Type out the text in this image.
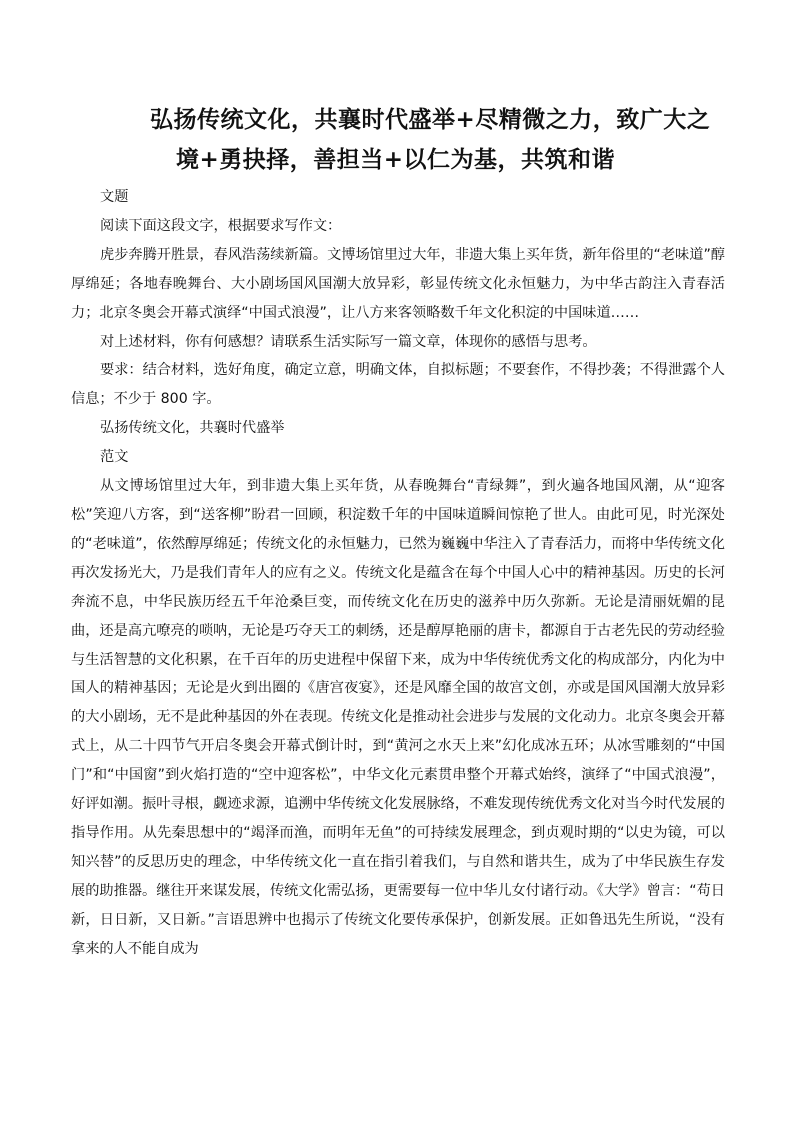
弘扬传统文化，共襄时代盛举+尽精微之力，致广大之
境+勇抉择，善担当+以仁为基，共筑和谐

文题

阅读下面这段文字，根据要求写作文：

虎步奔腾开胜景，春风浩荡续新篇。文博场馆里过大年，非遗大集上买年货，新年俗里的“老味道”醇厚绵延；各地春晚舞台、大小剧场国风国潮大放异彩，彰显传统文化永恒魅力，为中华古韵注入青春活力；北京冬奥会开幕式演绎“中国式浪漫”，让八方来客领略数千年文化积淀的中国味道……

对上述材料，你有何感想？请联系生活实际写一篇文章，体现你的感悟与思考。

要求：结合材料，选好角度，确定立意，明确文体，自拟标题；不要套作，不得抄袭；不得泄露个人信息；不少于 800 字。

弘扬传统文化，共襄时代盛举

范文

从文博场馆里过大年，到非遗大集上买年货，从春晚舞台“青绿舞”，到火遍各地国风潮，从“迎客松”笑迎八方客，到“送客柳”盼君一回顾，积淀数千年的中国味道瞬间惊艳了世人。由此可见，时光深处的“老味道”，依然醇厚绵延；传统文化的永恒魅力，已然为巍巍中华注入了青春活力，而将中华传统文化再次发扬光大，乃是我们青年人的应有之义。传统文化是蕴含在每个中国人心中的精神基因。历史的长河奔流不息，中华民族历经五千年沧桑巨变，而传统文化在历史的滋养中历久弥新。无论是清丽妩媚的昆曲，还是高亢嘹亮的唢呐，无论是巧夺天工的刺绣，还是醇厚艳丽的唐卡，都源自于古老先民的劳动经验与生活智慧的文化积累，在千百年的历史进程中保留下来，成为中华传统优秀文化的构成部分，内化为中国人的精神基因；无论是火到出圈的《唐宫夜宴》，还是风靡全国的故宫文创，亦或是国风国潮大放异彩的大小剧场，无不是此种基因的外在表现。传统文化是推动社会进步与发展的文化动力。北京冬奥会开幕式上，从二十四节气开启冬奥会开幕式倒计时，到“黄河之水天上来”幻化成冰五环；从冰雪雕刻的“中国门”和“中国窗”到火焰打造的“空中迎客松”，中华文化元素贯串整个开幕式始终，演绎了“中国式浪漫”，好评如潮。振叶寻根，觑迹求源，追溯中华传统文化发展脉络，不难发现传统优秀文化对当今时代发展的指导作用。从先秦思想中的“竭泽而渔，而明年无鱼”的可持续发展理念，到贞观时期的“以史为镜，可以知兴替”的反思历史的理念，中华传统文化一直在指引着我们，与自然和谐共生，成为了中华民族生存发展的助推器。继往开来谋发展，传统文化需弘扬，更需要每一位中华儿女付诸行动。《大学》曾言：“苟日新，日日新，又日新。”言语思辨中也揭示了传统文化要传承保护，创新发展。正如鲁迅先生所说，“没有拿来的人不能自成为
